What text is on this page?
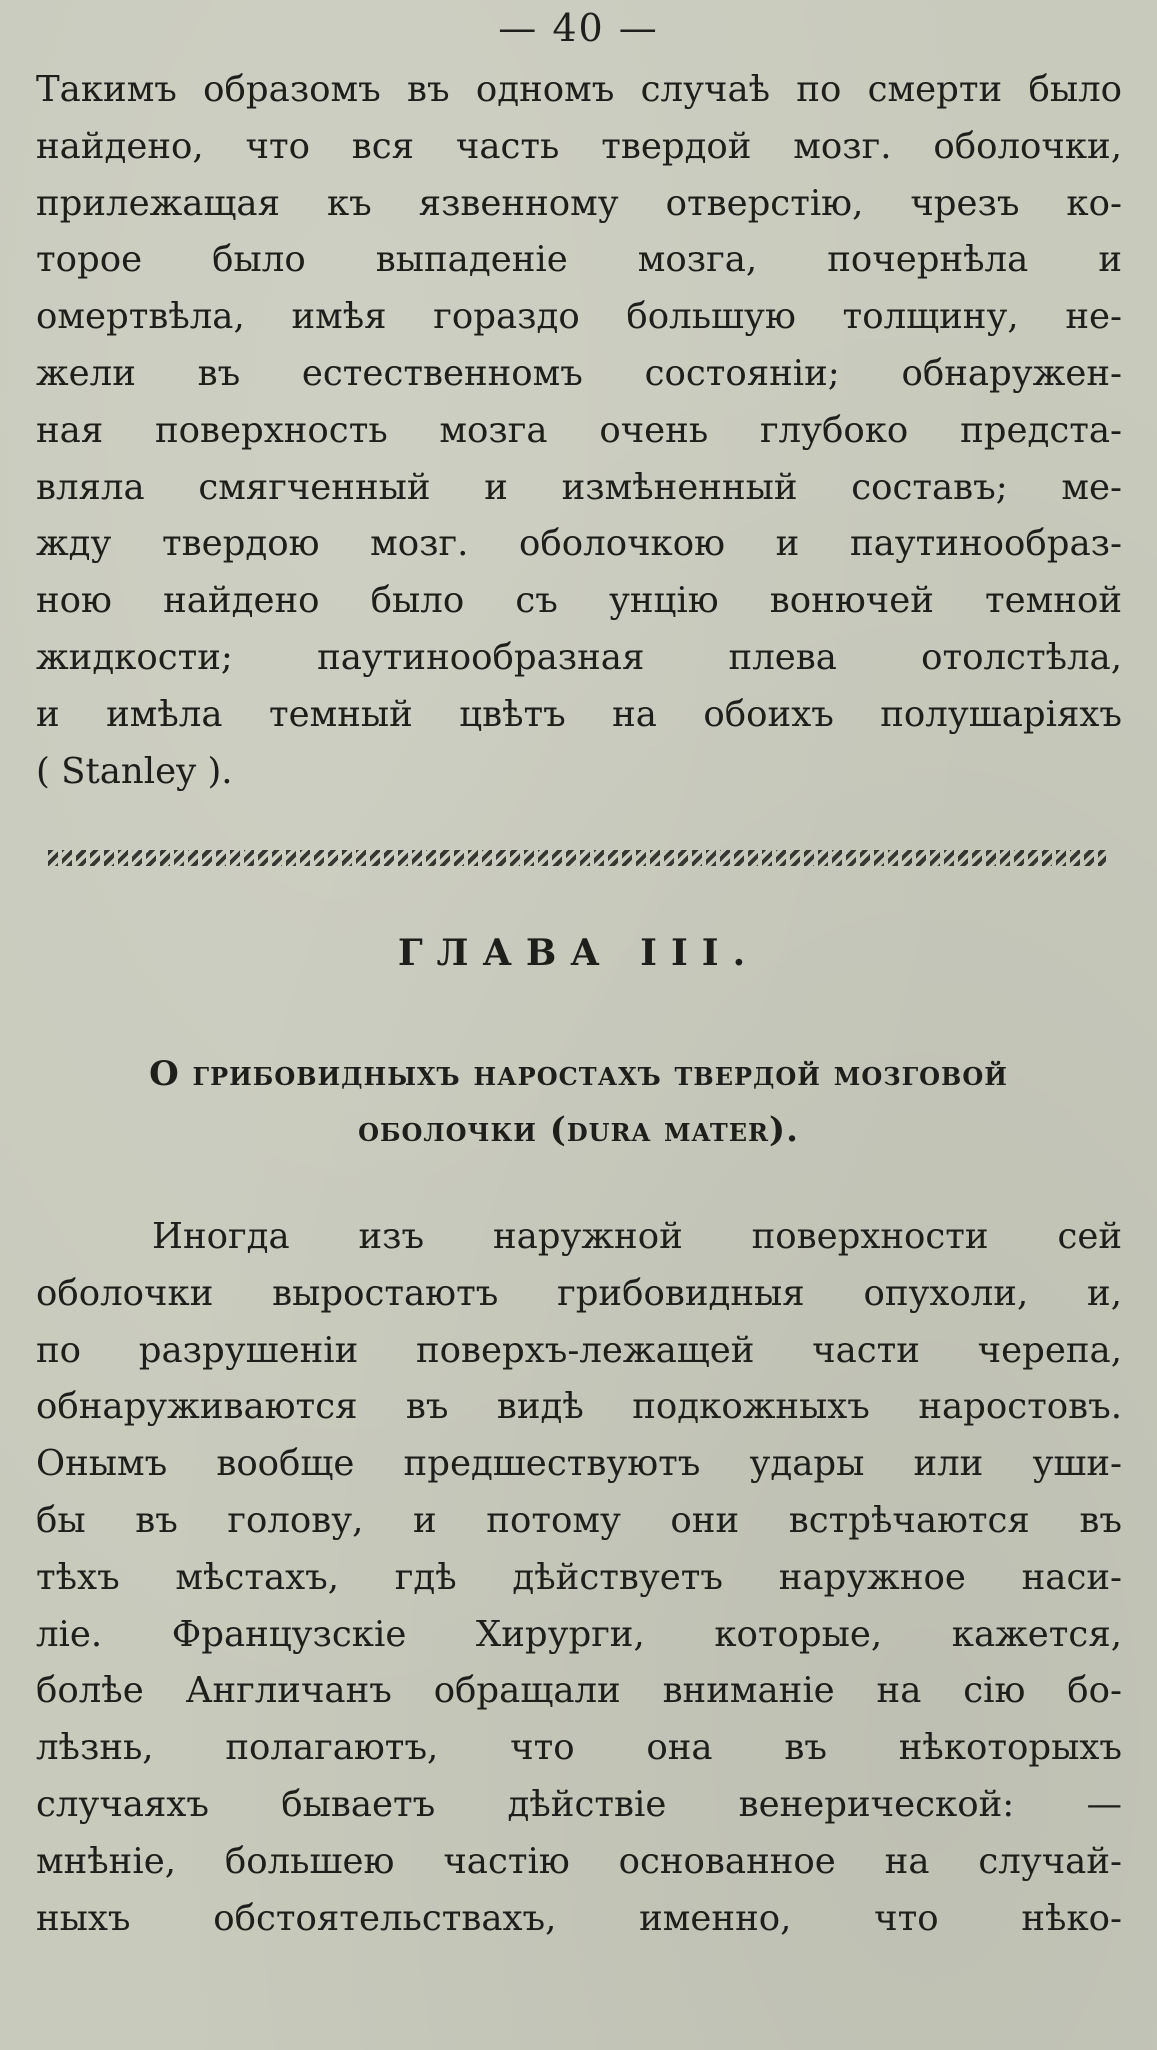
— 40 —
Такимъ образомъ въ одномъ случаѣ по смерти было
найдено, что вся часть твердой мозг. оболочки,
прилежащая къ язвенному отверстію, чрезъ ко-
торое было выпаденіе мозга, почернѣла и
омертвѣла, имѣя гораздо большую толщину, не-
жели въ естественномъ состояніи; обнаружен-
ная поверхность мозга очень глубоко предста-
вляла смягченный и измѣненный составъ; ме-
жду твердою мозг. оболочкою и паутинообраз-
ною найдено было съ унцію вонючей темной
жидкости; паутинообразная плева отолстѣла,
и имѣла темный цвѣтъ на обоихъ полушаріяхъ
( Stanley ).
ГЛАВА III.
О грибовидныхъ наростахъ твердой мозговой
оболочки (dura mater).
Иногда изъ наружной поверхности сей
оболочки выростаютъ грибовидныя опухоли, и,
по разрушеніи поверхъ-лежащей части черепа,
обнаруживаются въ видѣ подкожныхъ наростовъ.
Онымъ вообще предшествуютъ удары или уши-
бы въ голову, и потому они встрѣчаются въ
тѣхъ мѣстахъ, гдѣ дѣйствуетъ наружное наси-
ліе. Французскіе Хирурги, которые, кажется,
болѣе Англичанъ обращали вниманіе на сію бо-
лѣзнь, полагаютъ, что она въ нѣкоторыхъ
случаяхъ бываетъ дѣйствіе венерической: —
мнѣніе, большею частію основанное на случай-
ныхъ обстоятельствахъ, именно, что нѣко-
